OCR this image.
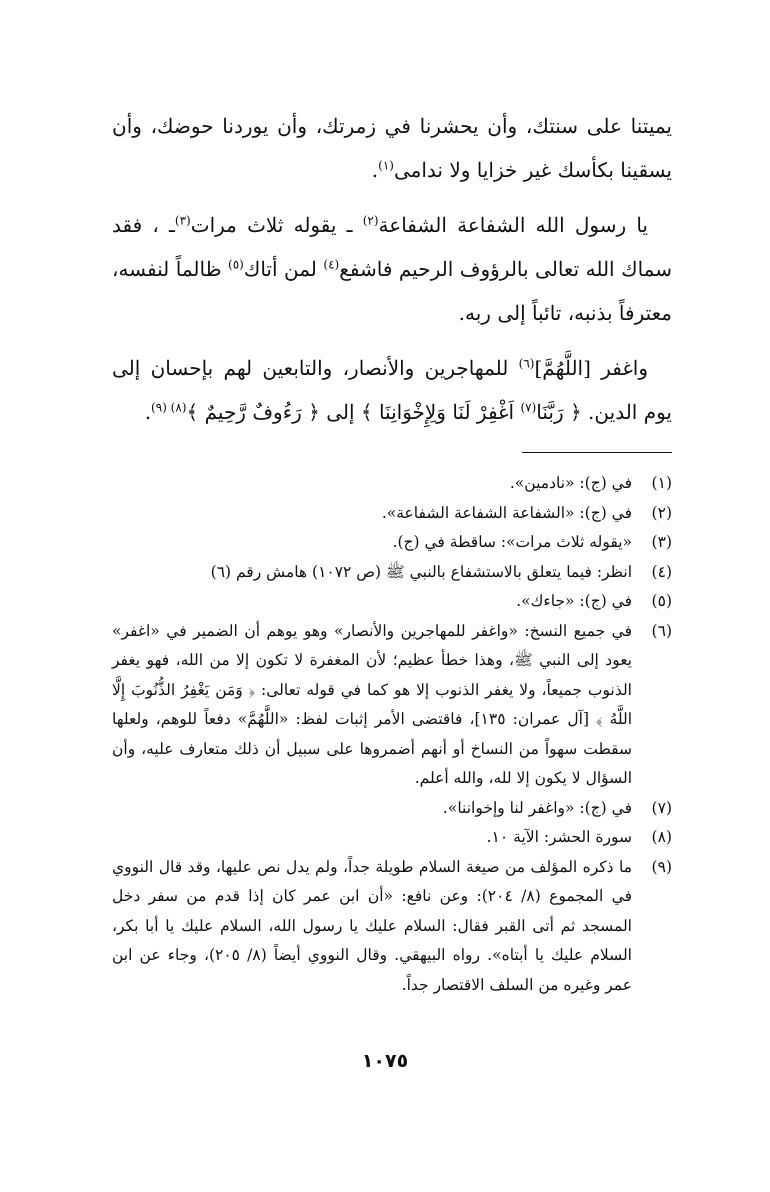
يميتنا على سنتك، وأن يحشرنا في زمرتك، وأن يوردنا حوضك، وأن يسقينا بكأسك غير خزايا ولا ندامى$^{(١)}$.

يا رسول الله الشفاعة الشفاعة$^{(٢)}$ ـ يقوله ثلاث مرات$^{(٣)}$ـ ، فقد سماك الله تعالى بالرؤوف الرحيم فاشفع$^{(٤)}$ لمن أتاك$^{(٥)}$ ظالماً لنفسه، معترفاً بذنبه، تائباً إلى ربه.

واغفر [اللَّهُمَّ]$^{(٦)}$ للمهاجرين والأنصار، والتابعين لهم بإحسان إلى يوم الدين. ﴿ رَبَّنَا$^{(٧)}$ اَغْفِرْ لَنَا وَلِإِخْوَانِنَا ﴾ إلى ﴿ رَءُوفٌ رَّحِيمٌ ﴾$^{(٨) (٩)}$.

(١)
في (ج): «نادمين».
(٢)
في (ج): «الشفاعة الشفاعة الشفاعة».
(٣)
«يقوله ثلاث مرات»: ساقطة في (ج).
(٤)
انظر: فيما يتعلق بالاستشفاع بالنبي ﷺ (ص ١٠٧٢) هامش رقم (٦)
(٥)
في (ج): «جاءك».
(٦)
في جميع النسخ: «واغفر للمهاجرين والأنصار» وهو يوهم أن الضمير في «اغفر» يعود إلى النبي ﷺ، وهذا خطأ عظيم؛ لأن المغفرة لا تكون إلا من الله، فهو يغفر الذنوب جميعاً، ولا يغفر الذنوب إلا هو كما في قوله تعالى: ﴿ وَمَن يَغْفِرُ الذُّنُوبَ إِلَّا اللَّهُ ﴾ [آل عمران: ١٣٥]، فاقتضى الأمر إثبات لفظ: «اللَّهُمَّ» دفعاً للوهم، ولعلها سقطت سهواً من النساخ أو أنهم أضمروها على سبيل أن ذلك متعارف عليه، وأن السؤال لا يكون إلا لله، والله أعلم.
(٧)
في (ج): «واغفر لنا وإخواننا».
(٨)
سورة الحشر: الآية ١٠.
(٩)
ما ذكره المؤلف من صيغة السلام طويلة جداً، ولم يدل نص عليها، وقد قال النووي في المجموع (٨/ ٢٠٤): وعن نافع: «أن ابن عمر كان إذا قدم من سفر دخل المسجد ثم أتى القبر فقال: السلام عليك يا رسول الله، السلام عليك يا أبا بكر، السلام عليك يا أبتاه». رواه البيهقي. وقال النووي أيضاً (٨/ ٢٠٥)، وجاء عن ابن عمر وغيره من السلف الاقتصار جداً.
١٠٧٥
